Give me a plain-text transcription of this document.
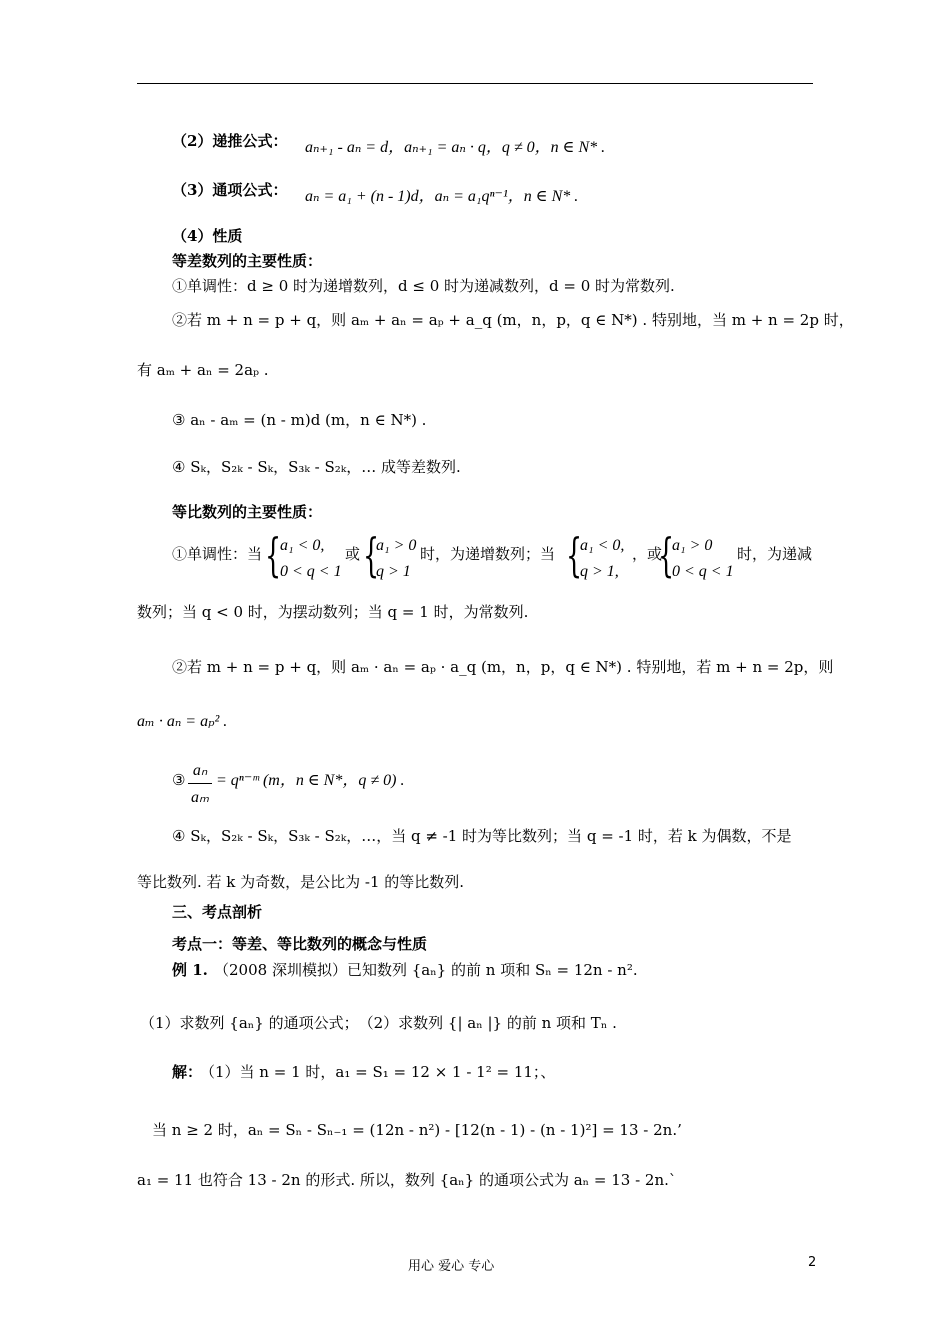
（2）递推公式： aₙ₊₁ - aₙ = d，aₙ₊₁ = aₙ · q，q ≠ 0，n ∈ N* .
（3）通项公式： aₙ = a₁ + (n - 1)d，aₙ = a₁qⁿ⁻¹，n ∈ N* .
（4）性质
等差数列的主要性质：
①单调性：d ≥ 0 时为递增数列，d ≤ 0 时为递减数列，d = 0 时为常数列.
②若 m + n = p + q，则 aₘ + aₙ = aₚ + a_q (m，n，p，q ∈ N*) . 特别地，当 m + n = 2p 时，
有 aₘ + aₙ = 2aₚ .
③ aₙ - aₘ = (n - m)d (m，n ∈ N*) .
④ Sₖ，S₂ₖ - Sₖ，S₃ₖ - S₂ₖ，… 成等差数列.
等比数列的主要性质：
①单调性：当 {
a₁ < 0,
0 < q < 1
或 {
a₁ > 0
q > 1
时，为递增数列；当 {
a₁ < 0,
q > 1,
，或
{
a₁ > 0
0 < q < 1
时，为递减
数列；当 q < 0 时，为摆动数列；当 q = 1 时，为常数列.
②若 m + n = p + q，则 aₘ · aₙ = aₚ · a_q (m，n，p，q ∈ N*) . 特别地，若 m + n = 2p，则
aₘ · aₙ = aₚ² .
③
aₙ
aₘ
= qⁿ⁻ᵐ (m，n ∈ N*，q ≠ 0) .
④ Sₖ，S₂ₖ - Sₖ，S₃ₖ - S₂ₖ，…，当 q ≠ -1 时为等比数列；当 q = -1 时，若 k 为偶数，不是
等比数列. 若 k 为奇数，是公比为 -1 的等比数列.
三、考点剖析
考点一：等差、等比数列的概念与性质
例 1. （2008 深圳模拟）已知数列 {aₙ} 的前 n 项和 Sₙ = 12n - n².
（1）求数列 {aₙ} 的通项公式；　（2）求数列 {| aₙ |} 的前 n 项和 Tₙ .
解：
（1）当 n = 1 时，a₁ = S₁ = 12 × 1 - 1² = 11；、
当 n ≥ 2 时，aₙ = Sₙ - Sₙ₋₁ = (12n - n²) - [12(n - 1) - (n - 1)²] = 13 - 2n.’
a₁ = 11 也符合 13 - 2n 的形式. 所以，数列 {aₙ} 的通项公式为 aₙ = 13 - 2n.`
用心 爱心 专心	2
